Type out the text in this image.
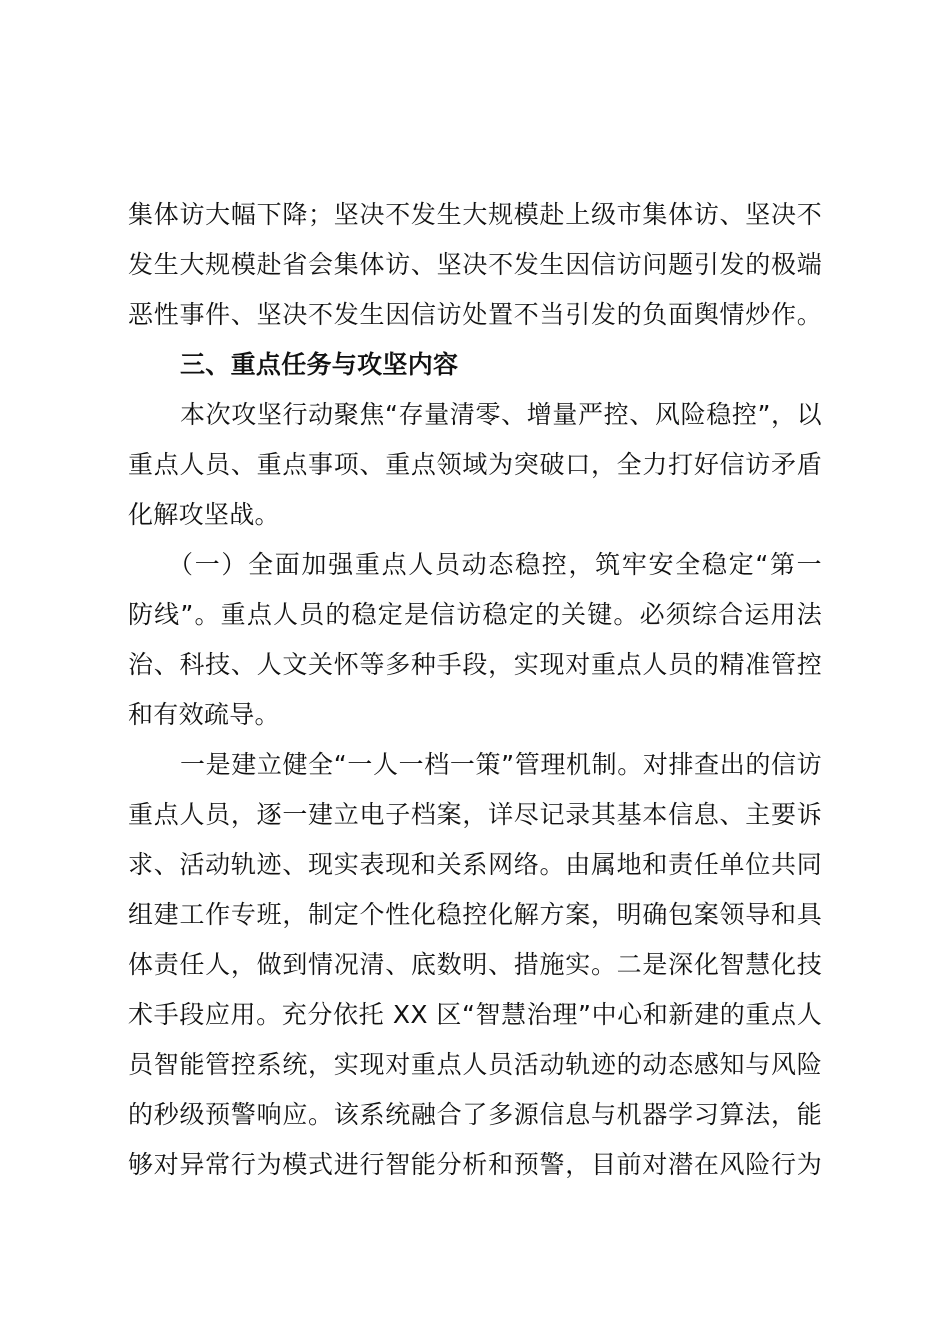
集体访大幅下降；坚决不发生大规模赴上级市集体访、坚决不
发生大规模赴省会集体访、坚决不发生因信访问题引发的极端
恶性事件、坚决不发生因信访处置不当引发的负面舆情炒作。
三、重点任务与攻坚内容
本次攻坚行动聚焦“存量清零、增量严控、风险稳控”，以
重点人员、重点事项、重点领域为突破口，全力打好信访矛盾
化解攻坚战。
（一）全面加强重点人员动态稳控，筑牢安全稳定“第一
防线”。重点人员的稳定是信访稳定的关键。必须综合运用法
治、科技、人文关怀等多种手段，实现对重点人员的精准管控
和有效疏导。
一是建立健全“一人一档一策”管理机制。对排查出的信访
重点人员，逐一建立电子档案，详尽记录其基本信息、主要诉
求、活动轨迹、现实表现和关系网络。由属地和责任单位共同
组建工作专班，制定个性化稳控化解方案，明确包案领导和具
体责任人，做到情况清、底数明、措施实。二是深化智慧化技
术手段应用。充分依托 XX 区“智慧治理”中心和新建的重点人
员智能管控系统，实现对重点人员活动轨迹的动态感知与风险
的秒级预警响应。该系统融合了多源信息与机器学习算法，能
够对异常行为模式进行智能分析和预警，目前对潜在风险行为
